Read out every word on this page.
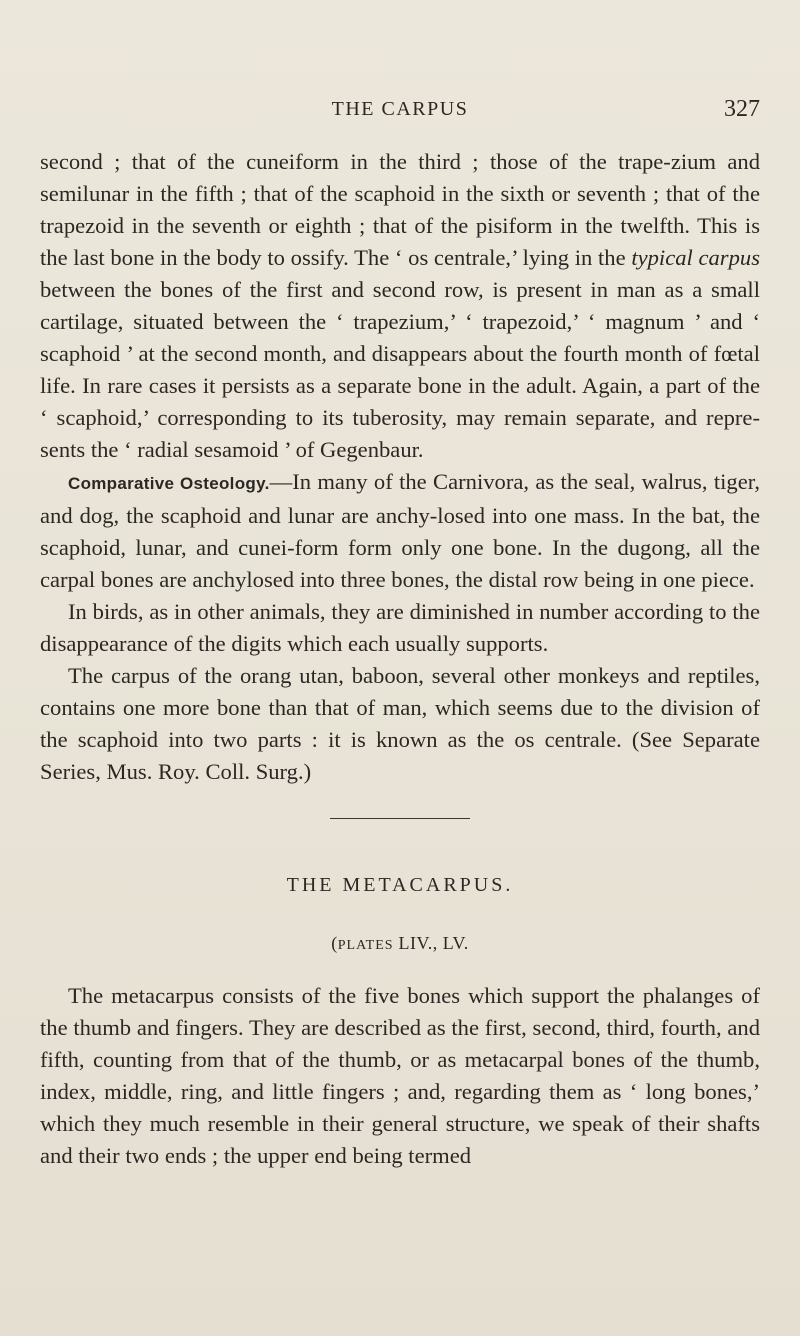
THE CARPUS	327

second ; that of the cuneiform in the third ; those of the trape-zium and semilunar in the fifth ; that of the scaphoid in the sixth or seventh ; that of the trapezoid in the seventh or eighth ; that of the pisiform in the twelfth. This is the last bone in the body to ossify. The ‘ os centrale,’ lying in the typical carpus between the bones of the first and second row, is present in man as a small cartilage, situated between the ‘ trapezium,’ ‘ trapezoid,’ ‘ magnum ’ and ‘ scaphoid ’ at the second month, and disappears about the fourth month of fœtal life. In rare cases it persists as a separate bone in the adult. Again, a part of the ‘ scaphoid,’ corresponding to its tuberosity, may remain separate, and repre-sents the ‘ radial sesamoid ’ of Gegenbaur.

Comparative Osteology.—In many of the Carnivora, as the seal, walrus, tiger, and dog, the scaphoid and lunar are anchy-losed into one mass. In the bat, the scaphoid, lunar, and cunei-form form only one bone. In the dugong, all the carpal bones are anchylosed into three bones, the distal row being in one piece.

In birds, as in other animals, they are diminished in number according to the disappearance of the digits which each usually supports.

The carpus of the orang utan, baboon, several other monkeys and reptiles, contains one more bone than that of man, which seems due to the division of the scaphoid into two parts : it is known as the os centrale. (See Separate Series, Mus. Roy. Coll. Surg.)

THE METACARPUS.
(PLATES LIV., LV.

The metacarpus consists of the five bones which support the phalanges of the thumb and fingers. They are described as the first, second, third, fourth, and fifth, counting from that of the thumb, or as metacarpal bones of the thumb, index, middle, ring, and little fingers ; and, regarding them as ‘ long bones,’ which they much resemble in their general structure, we speak of their shafts and their two ends ; the upper end being termed
